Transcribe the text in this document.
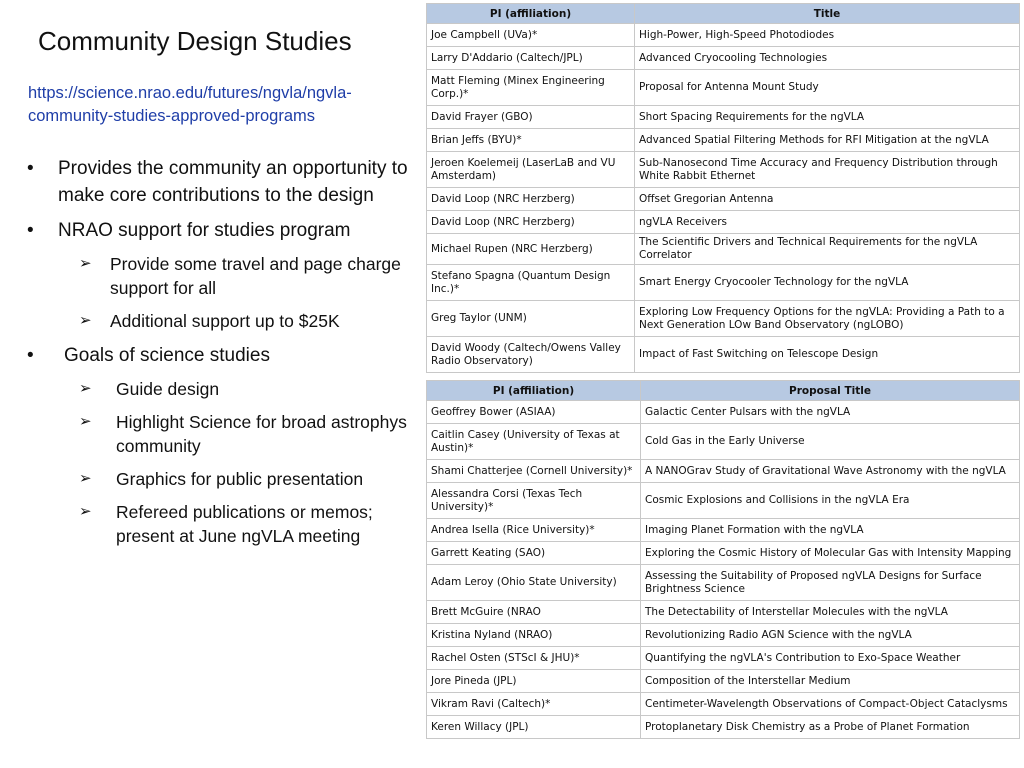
Community Design Studies
https://science.nrao.edu/futures/ngvla/ngvla-community-studies-approved-programs
• Provides the community an opportunity to make core contributions to the design
• NRAO support for studies program
➢ Provide some travel and page charge support for all
➢ Additional support up to $25K
• Goals of science studies
➢ Guide design
➢ Highlight Science for broad astrophys community
➢ Graphics for public presentation
➢ Refereed publications or memos; present at June ngVLA meeting
PI (affiliation)	Title
Joe Campbell (UVa)*	High-Power, High-Speed Photodiodes
Larry D'Addario (Caltech/JPL)	Advanced Cryocooling Technologies
Matt Fleming (Minex Engineering Corp.)*	Proposal for Antenna Mount Study
David Frayer (GBO)	Short Spacing Requirements for the ngVLA
Brian Jeffs (BYU)*	Advanced Spatial Filtering Methods for RFI Mitigation at the ngVLA
Jeroen Koelemeij (LaserLaB and VU Amsterdam)	Sub-Nanosecond Time Accuracy and Frequency Distribution through White Rabbit Ethernet
David Loop (NRC Herzberg)	Offset Gregorian Antenna
David Loop (NRC Herzberg)	ngVLA Receivers
Michael Rupen (NRC Herzberg)	The Scientific Drivers and Technical Requirements for the ngVLA Correlator
Stefano Spagna (Quantum Design Inc.)*	Smart Energy Cryocooler Technology for the ngVLA
Greg Taylor (UNM)	Exploring Low Frequency Options for the ngVLA: Providing a Path to a Next Generation LOw Band Observatory (ngLOBO)
David Woody (Caltech/Owens Valley Radio Observatory)	Impact of Fast Switching on Telescope Design
PI (affiliation)	Proposal Title
Geoffrey Bower (ASIAA)	Galactic Center Pulsars with the ngVLA
Caitlin Casey (University of Texas at Austin)*	Cold Gas in the Early Universe
Shami Chatterjee (Cornell University)*	A NANOGrav Study of Gravitational Wave Astronomy with the ngVLA
Alessandra Corsi (Texas Tech University)*	Cosmic Explosions and Collisions in the ngVLA Era
Andrea Isella (Rice University)*	Imaging Planet Formation with the ngVLA
Garrett Keating (SAO)	Exploring the Cosmic History of Molecular Gas with Intensity Mapping
Adam Leroy (Ohio State University)	Assessing the Suitability of Proposed ngVLA Designs for Surface Brightness Science
Brett McGuire (NRAO	The Detectability of Interstellar Molecules with the ngVLA
Kristina Nyland (NRAO)	Revolutionizing Radio AGN Science with the ngVLA
Rachel Osten (STScI & JHU)*	Quantifying the ngVLA's Contribution to Exo-Space Weather
Jore Pineda (JPL)	Composition of the Interstellar Medium
Vikram Ravi (Caltech)*	Centimeter-Wavelength Observations of Compact-Object Cataclysms
Keren Willacy (JPL)	Protoplanetary Disk Chemistry as a Probe of Planet Formation
